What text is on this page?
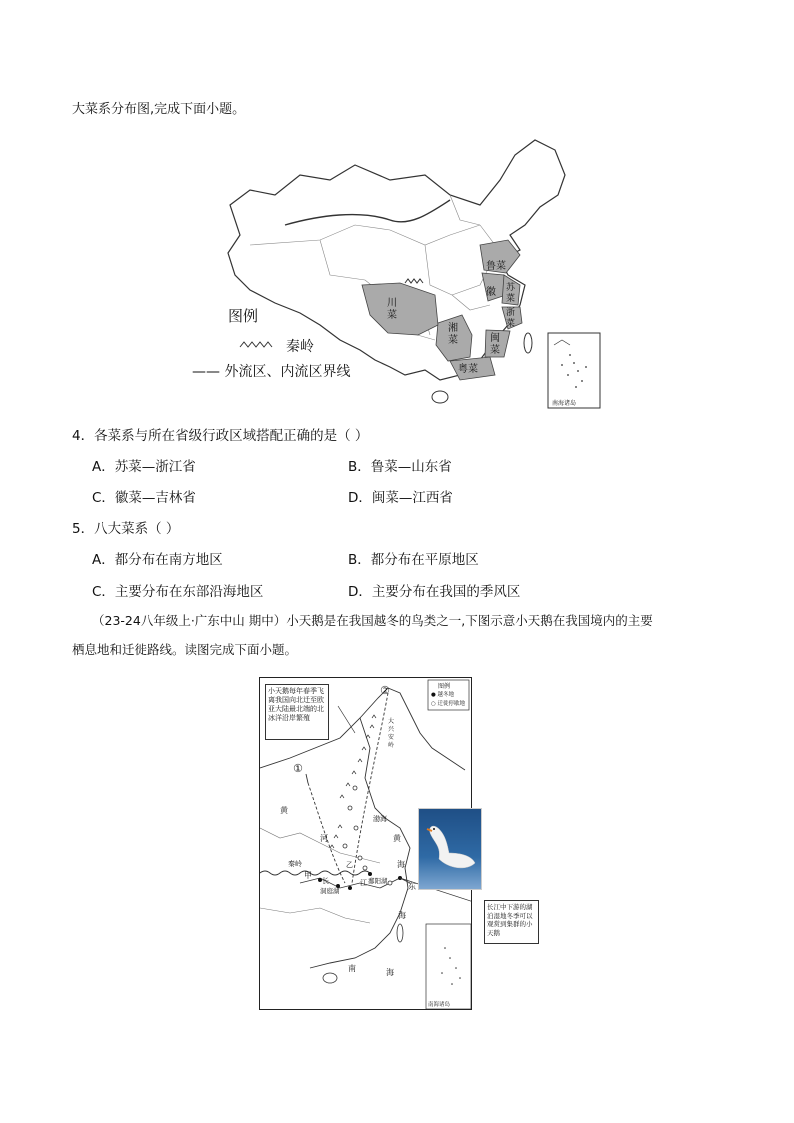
大菜系分布图,完成下面小题。
图例
秦岭
—— 外流区、内流区界线
川菜
湘菜
鲁菜
徽 苏菜
浙菜
闽菜
粤菜
南海诸岛
4．各菜系与所在省级行政区域搭配正确的是（ ）
A．苏菜—浙江省	B．鲁菜—山东省
C．徽菜—吉林省	D．闽菜—江西省
5．八大菜系（ ）
A．都分布在南方地区	B．都分布在平原地区
C．主要分布在东部沿海地区	D．主要分布在我国的季风区
（23-24八年级上·广东中山 期中）小天鹅是在我国越冬的鸟类之一,下图示意小天鹅在我国境内的主要
栖息地和迁徙路线。读图完成下面小题。
小天鹅每年春季飞离我国向北迁至欧亚大陆最北端的北冰洋沿岸繁殖
长江中下游的湖泊湿地冬季可以观赏到集群的小天鹅
图例
● 越冬地
○ 迁徙停歇地
②
①
大兴安岭
渤海
黄
海
东
海
南	海
黄
河
秦岭
甲
长	江
乙
洞庭湖
鄱阳湖
南海诸岛
